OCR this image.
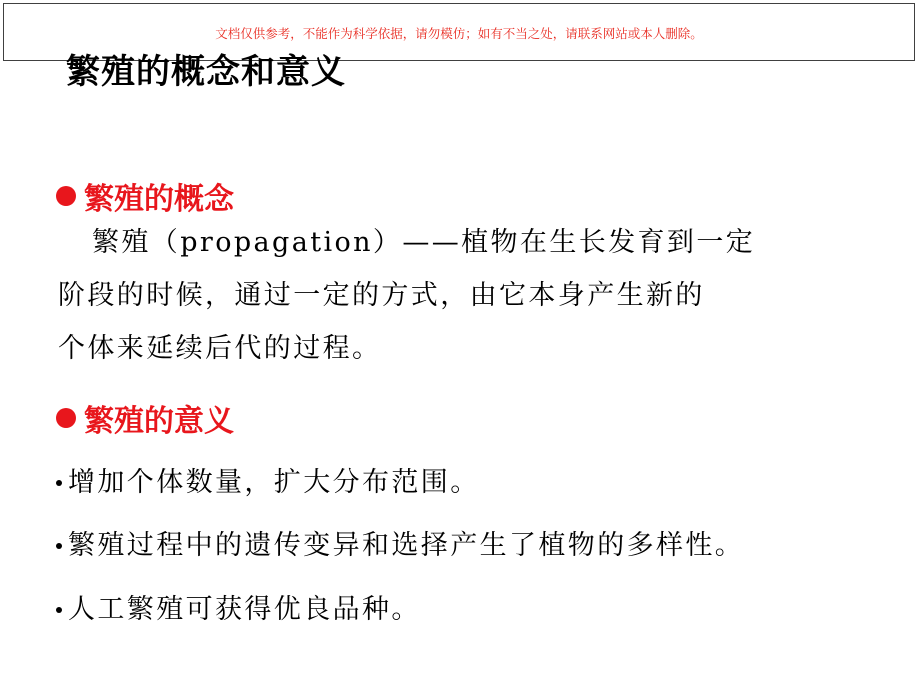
文档仅供参考，不能作为科学依据，请勿模仿；如有不当之处，请联系网站或本人删除。
繁殖的概念和意义
繁殖的概念
繁殖（propagation）——植物在生长发育到一定
阶段的时候，通过一定的方式，由它本身产生新的
个体来延续后代的过程。
繁殖的意义
增加个体数量，扩大分布范围。
繁殖过程中的遗传变异和选择产生了植物的多样性。
人工繁殖可获得优良品种。
